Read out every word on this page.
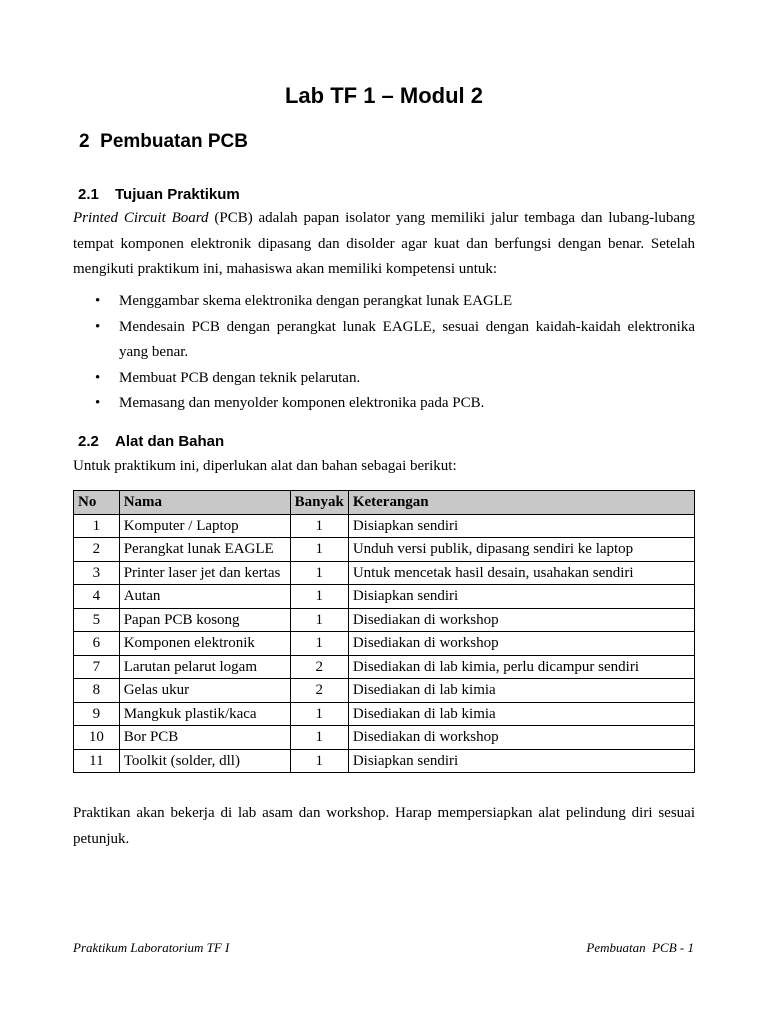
Lab TF 1 – Modul 2
2 Pembuatan PCB
2.1 Tujuan Praktikum
Printed Circuit Board (PCB) adalah papan isolator yang memiliki jalur tembaga dan lubang-lubang tempat komponen elektronik dipasang dan disolder agar kuat dan berfungsi dengan benar. Setelah mengikuti praktikum ini, mahasiswa akan memiliki kompetensi untuk:
• Menggambar skema elektronika dengan perangkat lunak EAGLE
• Mendesain PCB dengan perangkat lunak EAGLE, sesuai dengan kaidah-kaidah elektronika yang benar.
• Membuat PCB dengan teknik pelarutan.
• Memasang dan menyolder komponen elektronika pada PCB.
2.2 Alat dan Bahan
Untuk praktikum ini, diperlukan alat dan bahan sebagai berikut:
No	Nama	Banyak	Keterangan
1	Komputer / Laptop	1	Disiapkan sendiri
2	Perangkat lunak EAGLE	1	Unduh versi publik, dipasang sendiri ke laptop
3	Printer laser jet dan kertas	1	Untuk mencetak hasil desain, usahakan sendiri
4	Autan	1	Disiapkan sendiri
5	Papan PCB kosong	1	Disediakan di workshop
6	Komponen elektronik	1	Disediakan di workshop
7	Larutan pelarut logam	2	Disediakan di lab kimia, perlu dicampur sendiri
8	Gelas ukur	2	Disediakan di lab kimia
9	Mangkuk plastik/kaca	1	Disediakan di lab kimia
10	Bor PCB	1	Disediakan di workshop
11	Toolkit (solder, dll)	1	Disiapkan sendiri
Praktikan akan bekerja di lab asam dan workshop. Harap mempersiapkan alat pelindung diri sesuai petunjuk.
Praktikum Laboratorium TF I	Pembuatan  PCB - 1
